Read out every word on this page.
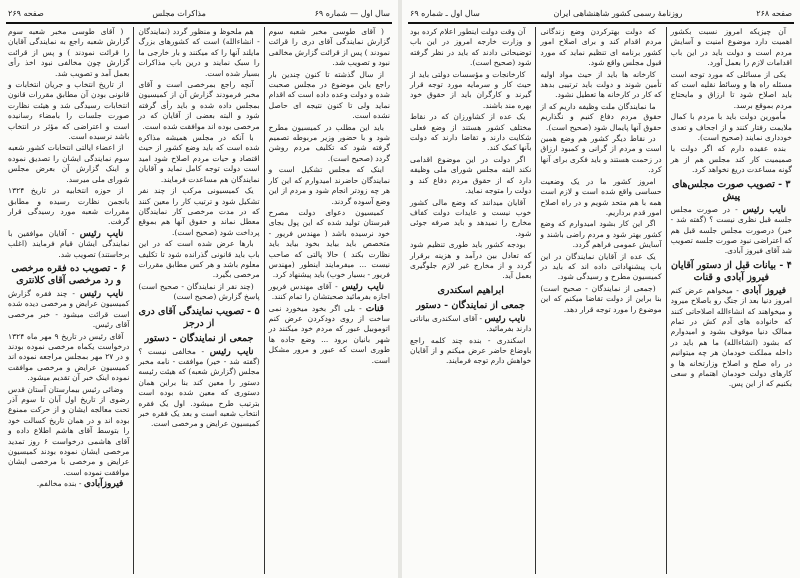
سال اول — شماره ۶۹
مذاکرات مجلس
صفحه ۲۶۹

( آقای طوسی مخبر شعبه سوم گزارش نمایندگی آقای دری را قرائت نمودند ) پس از قرائت گزارش مخالفی نبود و تصویب شد.

از سال گذشته تا کنون چندین بار راجع باین موضوع در مجلس صحبت شده و دولت وعده داده است که اقدام نماید ولی تا کنون نتیجه ای حاصل نشده است.

باید این مطلب در کمیسیون مطرح شود و با حضور وزیر مربوطه تصمیم گرفته شود که تکلیف مردم روشن گردد (صحیح است).

اینک که مجلس تشکیل است و نمایندگان حاضرند امیدوارم که این کار هر چه زودتر انجام شود و مردم از این وضع آسوده گردند.

کمیسیون دعوای دولت مصرح قبرستان تولید شده که این پول بجای خود نرسیده باشد ( مهندس فریور - متخصص باید بیاید بخود بیاید باید نظارت بکند ) حالا پالتی که صاحب نیست ... میفرمایند اینطور (مهندس فریور - بسیار خوب) باید پیشنهاد کرد.

نایب رئیس - آقای مهندس فریور اجازه بفرمائید صحبتشان را تمام کنند.

قنات - بلی اگر بخود میخورد نمی ساخت از روی دودکردن عرض کنم اتوموبیل عبور که مردم خود میکنند در شهر بانیان برود ... وضع جاده ها طوری است که عبور و مرور مشکل است.

هم ملحوظ و منظور گردد (نمایندگان - انشاءالله) است که کشورهای بزرگ مایلند آنها را که میکنند و بار خارجی ما را سبک نمایند و درین باب مذاکرات بسیار شده است.

آنچه راجع بمرخصی است و آقای مخبر فرمودند گزارش آن از کمیسیون بمجلس داده شده و باید رأی گرفته شود و البته بعضی از آقایان که در مرخصی بوده اند موافقت شده است.

با آنکه در مجلس همیشه مذاکره شده است که باید وضع کشور از حیث اقتصاد و حیات مردم اصلاح شود امید است دولت توجه کامل نماید و آقایان نمایندگان هم مساعدت فرمایند.

یک کمیسیونی مرکب از چند نفر تشکیل شود و ترتیب کار را معین کنند که در مدت مرخصی کار نمایندگان معطل نماند و حقوق آنها هم بموقع پرداخت شود (صحیح است).

بارها عرض شده است که در این باب باید قانونی گذرانده شود تا تکلیف معلوم باشد و هر کس مطابق مقررات مرخصی بگیرد.

(چند نفر از نمایندگان - صحیح است) پاسخ گزارش (صحیح است)

۵ - تصویب نمایندگی آقای دری از درجز
جمعی از نمایندگان - دستور

نایب رئیس - مخالفی نیست ؟ (گفته شد - خیر) موافقت - نامه مخبر مجلس (گزارش شعبه) که هیئت رئیسه دستور را معین کند بنا براین همان دستوری که معین شده بوده است بترتیب طرح میشود. اول یک فقره انتخاب شعبه است و بعد یک فقره خبر کمیسیون عرایض و مرخصی است.

( آقای طوسی مخبر شعبه سوم گزارش شعبه راجع به نمایندگی آقایان را قرائت نمودند ) و پس از قرائت گزارش چون مخالفی نبود اخذ رأی بعمل آمد و تصویب شد.

از تاریخ انتخاب و جریان انتخابات و قانونی بودن آن مطابق مقررات قانون انتخابات رسیدگی شد و هیئت نظارت صورت جلسات را بامضاء رسانیده است و اعتراضی که مؤثر در انتخاب باشد نرسیده است.

از اعضاء ایالتی انتخابات کشور شعبه سوم نمایندگی ایشان را تصدیق نموده و اینک گزارش آن بعرض مجلس شورای ملی میرسد.

از حوزه انتخابیه در تاریخ ۱۳۲۴ بانجمن نظارت رسیده و مطابق مقررات شعبه مورد رسیدگی قرار گرفت.

نایب رئیس - آقایان موافقین با نمایندگی ایشان قیام فرمایند (اغلب برخاستند) تصویب شد.

۶ - تصویب ده فقره مرخصی و رد مرخصی آقای کلانتری

نایب رئیس - چند فقره گزارش کمیسیون عرایض و مرخصی دیده شده است قرائت میشود - خبر مرخصی آقای رئیس.

آقای رئیس در تاریخ ۹ مهر ماه ۱۳۲۴ درخواست یکماه مرخصی نموده بودند و در ۲۷ مهر بمجلس مراجعه نموده اند کمیسیون عرایض و مرخصی موافقت نموده اینک خبر آن تقدیم میشود.

وضائی رئیس بیمارستان آستان قدس رضوی از تاریخ اول آبان تا سوم آذر تحت معالجه ایشان و از حرکت ممنوع بوده اند و در همان تاریخ کسالت خود را بتوسط آقای هاشم اطلاع داده و آقای هاشمی درخواست ۶ روز تمدید مرخصی ایشان نموده بودند کمیسیون عرایض و مرخصی با مرخصی ایشان موافقت نموده است.

فیروزآبادی - بنده مخالفم.

صفحه ۲۶۸
روزنامهٔ رسمی کشور شاهنشاهی ایران
سال اول ـ شماره ۶۹

آن چیزیکه امروز نسبت بکشور اهمیت دارد موضوع امنیت و آسایش مردم است و دولت باید در این باب اقدامات لازم را بعمل آورد.

یکی از مسائلی که مورد توجه است مسئله راه ها و وسائط نقلیه است که باید اصلاح شود تا ارزاق و مایحتاج مردم بموقع برسد.

مأمورین دولت باید با مردم با کمال ملایمت رفتار کنند و از اجحاف و تعدی خودداری نمایند (صحیح است).

بنده عقیده دارم که اگر دولت با صمیمیت کار کند مجلس هم از هر گونه مساعدت دریغ نخواهد کرد.

۳ - تصویب صورت مجلس‌های پیش

نایب رئیس - در صورت مجلس جلسه قبل نظری نیست ؟ (گفته شد - خیر) درصورت مجلس جلسه قبل هم که اعتراضی نبود صورت جلسه تصویب شد آقای فیروز آبادی.

۴ - بیانات قبل از دستور آقایان فیروز آبادی و قنات

فیروز آبادی - میخواهم عرض کنم امروز دنیا بعد از جنگ رو باصلاح میرود و میخواهند که انشاءالله اصلاحاتی کنند که خانواده های آدم کش در تمام ممالک دنیا موقوف بشود و امیدوارم که بشود (انشاءالله) ما هم باید در داخله مملکت خودمان هر چه میتوانیم در راه صلح و اصلاح وزارتخانه ها و کارهای دولت خودمان اهتمام و سعی بکنیم که از این پس.

که دولت بهترکردن وضع زندگانی مردم اقدام کند و برای اصلاح امور کشور برنامه ای تنظیم نماید که مورد قبول مجلس واقع شود.

کارخانه ها باید از حیث مواد اولیه تأمین شوند و دولت باید ترتیبی بدهد که کار در کارخانه ها تعطیل نشود.

ما نمایندگان ملت وظیفه داریم که از حقوق مردم دفاع کنیم و نگذاریم حقوق آنها پایمال شود (صحیح است).

در نقاط دیگر کشور هم وضع همین است و مردم از گرانی و کمبود ارزاق در زحمت هستند و باید فکری برای آنها کرد.

امروز کشور ما در یک وضعیت حساسی واقع شده است و لازم است همه با هم متحد شویم و در راه اصلاح امور قدم برداریم.

اگر این کار بشود امیدوارم که وضع کشور بهتر شود و مردم راضی باشند و آسایش عمومی فراهم گردد.

یک عده از آقایان نمایندگان در این باب پیشنهاداتی داده اند که باید در کمیسیون مطرح و رسیدگی شود.

(جمعی از نمایندگان - صحیح است) بنا براین از دولت تقاضا میکنم که این موضوع را مورد توجه قرار دهد.

آن وقت دولت اینطور اعلام کرده بود و وزارت خارجه امروز در این باب توضیحاتی دادند که باید در نظر گرفته شود (صحیح است).

کارخانجات و مؤسسات دولتی باید از حیث کار و سرمایه مورد توجه قرار گیرند و کارگران باید از حقوق خود بهره مند باشند.

یک عده از کشاورزان که در نقاط مختلف کشور هستند از وضع فعلی شکایت دارند و تقاضا دارند که دولت بآنها کمک کند.

اگر دولت در این موضوع اقدامی نکند البته مجلس شورای ملی وظیفه دارد که از حقوق مردم دفاع کند و دولت را متوجه نماید.

آقایان میدانند که وضع مالی کشور خوب نیست و عایدات دولت کفاف مخارج را نمیدهد و باید صرفه جوئی شود.

بودجه کشور باید طوری تنظیم شود که تعادل بین درآمد و هزینه برقرار گردد و از مخارج غیر لازم جلوگیری بعمل آید.

ابراهیم اسکندری
جمعی از نمایندگان - دستور

نایب رئیس - آقای اسکندری بیاناتی دارند بفرمائید.

اسکندری - بنده چند کلمه راجع باوضاع حاضر عرض میکنم و از آقایان خواهش دارم توجه فرمایند.
